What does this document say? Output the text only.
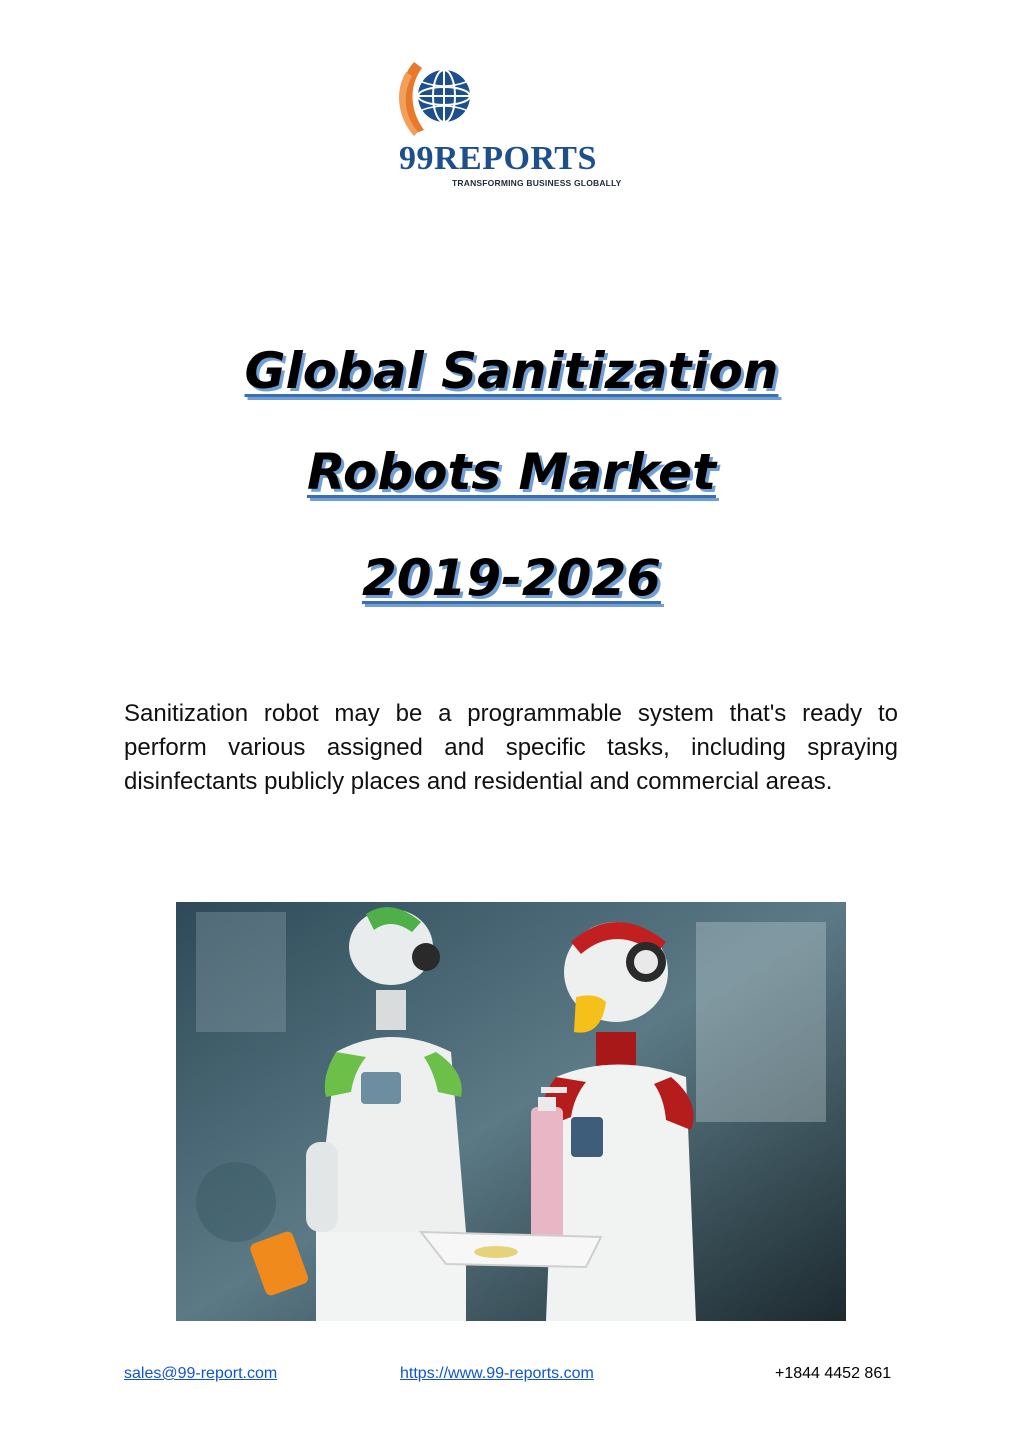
99REPORTS
TRANSFORMING BUSINESS GLOBALLY
Global Sanitization
Robots Market
2019-2026

Sanitization robot may be a programmable system that's ready to perform various assigned and specific tasks, including spraying disinfectants publicly places and residential and commercial areas.

sales@99-report.com	https://www.99-reports.com	+1844 4452 861
